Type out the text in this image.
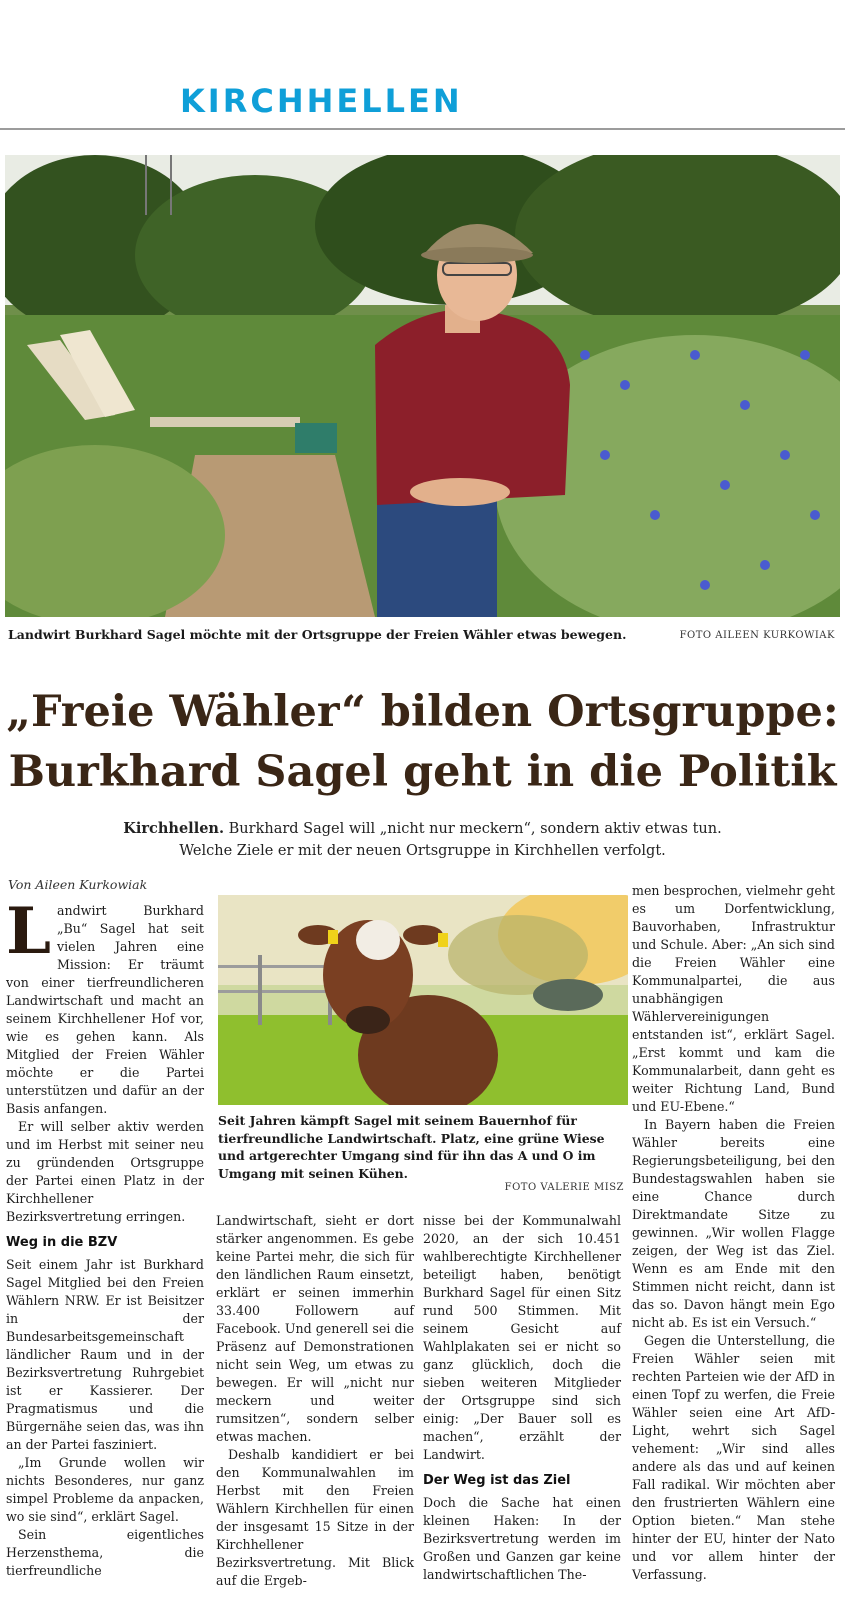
KIRCHHELLEN
Landwirt Burkhard Sagel möchte mit der Ortsgruppe der Freien Wähler etwas bewegen.	FOTO AILEEN KURKOWIAK
„Freie Wähler“ bilden Ortsgruppe:
Burkhard Sagel geht in die Politik
Kirchhellen. Burkhard Sagel will „nicht nur meckern“, sondern aktiv etwas tun.
Welche Ziele er mit der neuen Ortsgruppe in Kirchhellen verfolgt.
Von Aileen Kurkowiak

Landwirt Burkhard „Bu“ Sagel hat seit vielen Jahren eine Mission: Er träumt von einer tierfreundlicheren Landwirtschaft und macht an seinem Kirchhellener Hof vor, wie es gehen kann. Als Mitglied der Freien Wähler möchte er die Partei unterstützen und dafür an der Basis anfangen.

Er will selber aktiv werden und im Herbst mit seiner neu zu gründenden Ortsgruppe der Partei einen Platz in der Kirchhellener Bezirksvertretung erringen.

Weg in die BZV

Seit einem Jahr ist Burkhard Sagel Mitglied bei den Freien Wählern NRW. Er ist Beisitzer in der Bundesarbeitsgemeinschaft ländlicher Raum und in der Bezirksvertretung Ruhrgebiet ist er Kassierer. Der Pragmatismus und die Bürgernähe seien das, was ihn an der Partei fasziniert.

„Im Grunde wollen wir nichts Besonderes, nur ganz simpel Probleme da anpacken, wo sie sind“, erklärt Sagel.

Sein eigentliches Herzensthema, die tierfreundliche

Seit Jahren kämpft Sagel mit seinem Bauernhof für tierfreundliche Landwirtschaft. Platz, eine grüne Wiese und artgerechter Umgang sind für ihn das A und O im Umgang mit seinen Kühen.
FOTO VALERIE MISZ

Landwirtschaft, sieht er dort stärker angenommen. Es gebe keine Partei mehr, die sich für den ländlichen Raum einsetzt, erklärt er seinen immerhin 33.400 Followern auf Facebook. Und generell sei die Präsenz auf Demonstrationen nicht sein Weg, um etwas zu bewegen. Er will „nicht nur meckern und weiter rumsitzen“, sondern selber etwas machen.

Deshalb kandidiert er bei den Kommunalwahlen im Herbst mit den Freien Wählern Kirchhellen für einen der insgesamt 15 Sitze in der Kirchhellener Bezirksvertretung. Mit Blick auf die Ergeb-

nisse bei der Kommunalwahl 2020, an der sich 10.451 wahlberechtigte Kirchhellener beteiligt haben, benötigt Burkhard Sagel für einen Sitz rund 500 Stimmen. Mit seinem Gesicht auf Wahlplakaten sei er nicht so ganz glücklich, doch die sieben weiteren Mitglieder der Ortsgruppe sind sich einig: „Der Bauer soll es machen“, erzählt der Landwirt.

Der Weg ist das Ziel

Doch die Sache hat einen kleinen Haken: In der Bezirksvertretung werden im Großen und Ganzen gar keine landwirtschaftlichen The-

men besprochen, vielmehr geht es um Dorfentwicklung, Bauvorhaben, Infrastruktur und Schule. Aber: „An sich sind die Freien Wähler eine Kommunalpartei, die aus unabhängigen Wählervereinigungen entstanden ist“, erklärt Sagel. „Erst kommt und kam die Kommunalarbeit, dann geht es weiter Richtung Land, Bund und EU-Ebene.“

In Bayern haben die Freien Wähler bereits eine Regierungsbeteiligung, bei den Bundestagswahlen haben sie eine Chance durch Direktmandate Sitze zu gewinnen. „Wir wollen Flagge zeigen, der Weg ist das Ziel. Wenn es am Ende mit den Stimmen nicht reicht, dann ist das so. Davon hängt mein Ego nicht ab. Es ist ein Versuch.“

Gegen die Unterstellung, die Freien Wähler seien mit rechten Parteien wie der AfD in einen Topf zu werfen, die Freie Wähler seien eine Art AfD-Light, wehrt sich Sagel vehement: „Wir sind alles andere als das und auf keinen Fall radikal. Wir möchten aber den frustrierten Wählern eine Option bieten.“ Man stehe hinter der EU, hinter der Nato und vor allem hinter der Verfassung.
